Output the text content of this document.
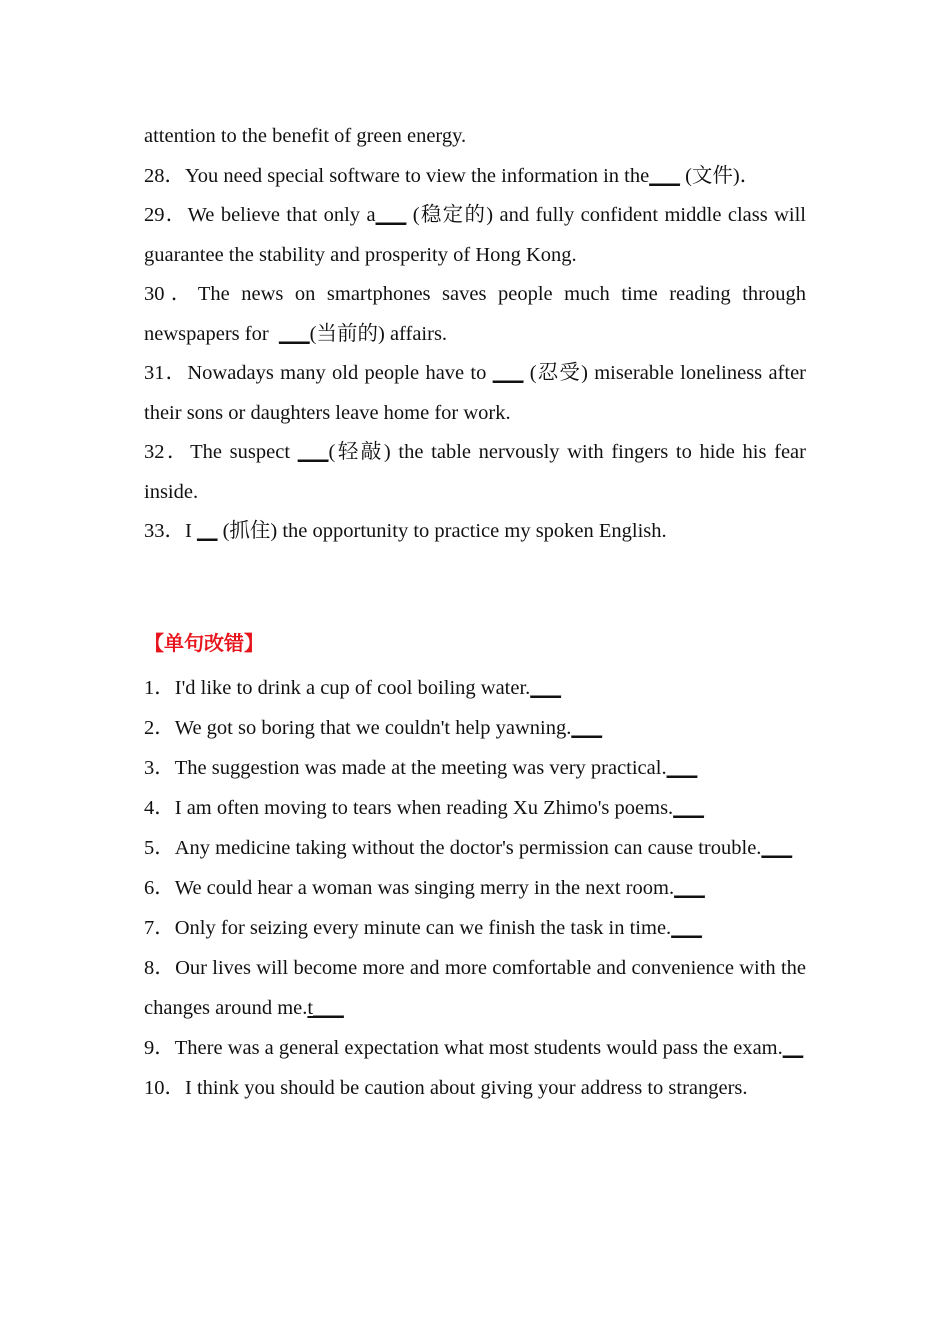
attention to the benefit of green energy.

28．You need special software to view the information in the___ (文件)．

29．We believe that only a___ (稳定的) and fully confident middle class will guarantee the stability and prosperity of Hong Kong.

30．The news on smartphones saves people much time reading through newspapers for  ___(当前的) affairs.

31．Nowadays many old people have to ___ (忍受) miserable loneliness after their sons or daughters leave home for work.

32．The suspect ___(轻敲) the table nervously with fingers to hide his fear inside.

33．I __ (抓住) the opportunity to practice my spoken English.

【单句改错】

1．I'd like to drink a cup of cool boiling water.___

2．We got so boring that we couldn't help yawning.___

3．The suggestion was made at the meeting was very practical.___

4．I am often moving to tears when reading Xu Zhimo's poems.___

5．Any medicine taking without the doctor's permission can cause trouble.___

6．We could hear a woman was singing merry in the next room.___

7．Only for seizing every minute can we finish the task in time.___

8．Our lives will become more and more comfortable and convenience with the changes around me.t___

9．There was a general expectation what most students would pass the exam.__

10．I think you should be caution about giving your address to strangers.
